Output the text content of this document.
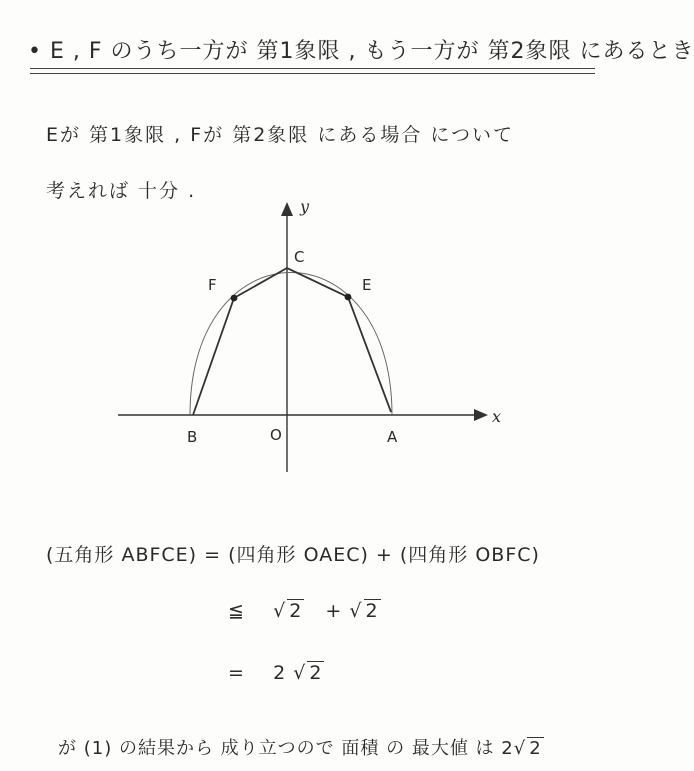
• E , F のうち一方が 第1象限 , もう一方が 第2象限 にあるとき
Eが 第1象限 , Fが 第2象限 にある場合 について
考えれば 十分 .
x
y
C
F	E
B	O	A
(五角形 ABFCE) = (四角形 OAEC) + (四角形 OBFC)
≦ √ 2 + √ 2
= 2 √ 2
が (1) の結果から 成り立つので 面積 の 最大値 は 2√ 2
